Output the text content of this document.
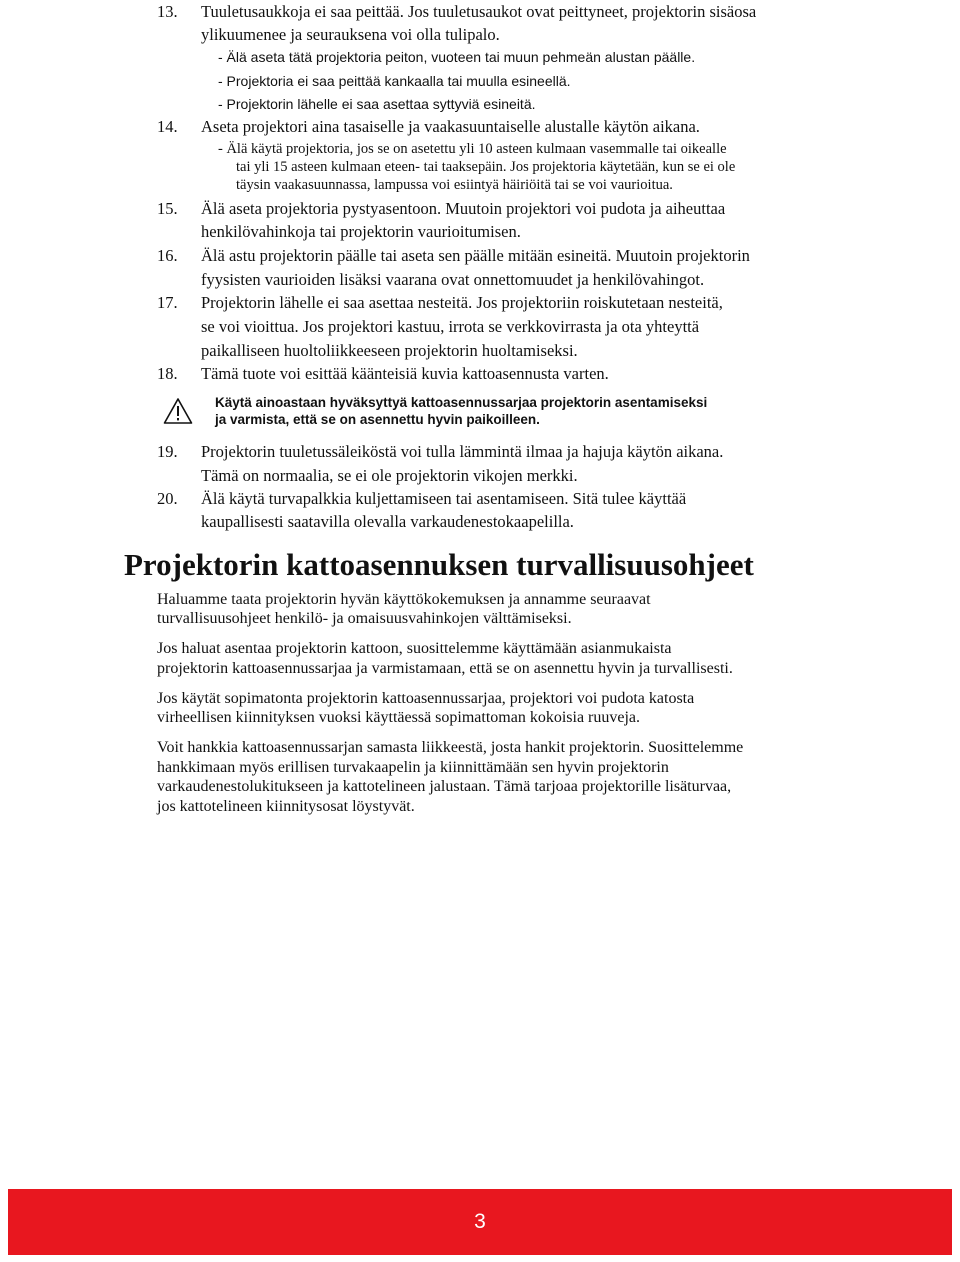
13. Tuuletusaukkoja ei saa peittää. Jos tuuletusaukot ovat peittyneet, projektorin sisäosa
ylikuumenee ja seurauksena voi olla tulipalo.
- Älä aseta tätä projektoria peiton, vuoteen tai muun pehmeän alustan päälle.
- Projektoria ei saa peittää kankaalla tai muulla esineellä.
- Projektorin lähelle ei saa asettaa syttyviä esineitä.
14. Aseta projektori aina tasaiselle ja vaakasuuntaiselle alustalle käytön aikana.
- Älä käytä projektoria, jos se on asetettu yli 10 asteen kulmaan vasemmalle tai oikealle
tai yli 15 asteen kulmaan eteen- tai taaksepäin. Jos projektoria käytetään, kun se ei ole
täysin vaakasuunnassa, lampussa voi esiintyä häiriöitä tai se voi vaurioitua.
15. Älä aseta projektoria pystyasentoon. Muutoin projektori voi pudota ja aiheuttaa
henkilövahinkoja tai projektorin vaurioitumisen.
16. Älä astu projektorin päälle tai aseta sen päälle mitään esineitä. Muutoin projektorin
fyysisten vaurioiden lisäksi vaarana ovat onnettomuudet ja henkilövahingot.
17. Projektorin lähelle ei saa asettaa nesteitä. Jos projektoriin roiskutetaan nesteitä,
se voi vioittua. Jos projektori kastuu, irrota se verkkovirrasta ja ota yhteyttä
paikalliseen huoltoliikkeeseen projektorin huoltamiseksi.
18. Tämä tuote voi esittää käänteisiä kuvia kattoasennusta varten.
Käytä ainoastaan hyväksyttyä kattoasennussarjaa projektorin asentamiseksi
ja varmista, että se on asennettu hyvin paikoilleen.
19. Projektorin tuuletussäleiköstä voi tulla lämmintä ilmaa ja hajuja käytön aikana.
Tämä on normaalia, se ei ole projektorin vikojen merkki.
20. Älä käytä turvapalkkia kuljettamiseen tai asentamiseen. Sitä tulee käyttää
kaupallisesti saatavilla olevalla varkaudenestokaapelilla.
Projektorin kattoasennuksen turvallisuusohjeet
Haluamme taata projektorin hyvän käyttökokemuksen ja annamme seuraavat
turvallisuusohjeet henkilö- ja omaisuusvahinkojen välttämiseksi.
Jos haluat asentaa projektorin kattoon, suosittelemme käyttämään asianmukaista
projektorin kattoasennussarjaa ja varmistamaan, että se on asennettu hyvin ja turvallisesti.
Jos käytät sopimatonta projektorin kattoasennussarjaa, projektori voi pudota katosta
virheellisen kiinnityksen vuoksi käyttäessä sopimattoman kokoisia ruuveja.
Voit hankkia kattoasennussarjan samasta liikkeestä, josta hankit projektorin. Suosittelemme
hankkimaan myös erillisen turvakaapelin ja kiinnittämään sen hyvin projektorin
varkaudenestolukitukseen ja kattotelineen jalustaan. Tämä tarjoaa projektorille lisäturvaa,
jos kattotelineen kiinnitysosat löystyvät.
3
